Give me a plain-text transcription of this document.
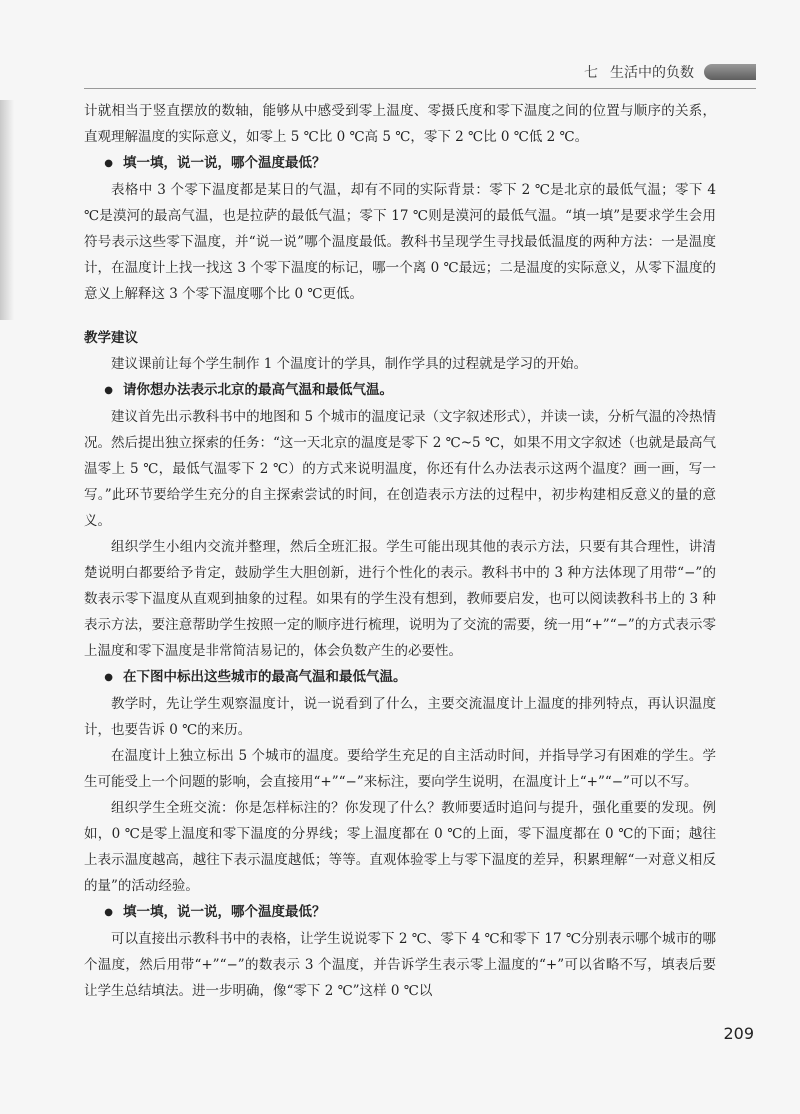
七 生活中的负数

计就相当于竖直摆放的数轴，能够从中感受到零上温度、零摄氏度和零下温度之间的位置与顺序的关系，直观理解温度的实际意义，如零上 5 ℃比 0 ℃高 5 ℃，零下 2 ℃比 0 ℃低 2 ℃。

● 填一填，说一说，哪个温度最低？

表格中 3 个零下温度都是某日的气温，却有不同的实际背景：零下 2 ℃是北京的最低气温；零下 4 ℃是漠河的最高气温，也是拉萨的最低气温；零下 17 ℃则是漠河的最低气温。“填一填”是要求学生会用符号表示这些零下温度，并“说一说”哪个温度最低。教科书呈现学生寻找最低温度的两种方法：一是温度计，在温度计上找一找这 3 个零下温度的标记，哪一个离 0 ℃最远；二是温度的实际意义，从零下温度的意义上解释这 3 个零下温度哪个比 0 ℃更低。

教学建议

建议课前让每个学生制作 1 个温度计的学具，制作学具的过程就是学习的开始。

● 请你想办法表示北京的最高气温和最低气温。

建议首先出示教科书中的地图和 5 个城市的温度记录（文字叙述形式），并读一读，分析气温的冷热情况。然后提出独立探索的任务：“这一天北京的温度是零下 2 ℃~5 ℃，如果不用文字叙述（也就是最高气温零上 5 ℃，最低气温零下 2 ℃）的方式来说明温度，你还有什么办法表示这两个温度？画一画，写一写。”此环节要给学生充分的自主探索尝试的时间，在创造表示方法的过程中，初步构建相反意义的量的意义。

组织学生小组内交流并整理，然后全班汇报。学生可能出现其他的表示方法，只要有其合理性，讲清楚说明白都要给予肯定，鼓励学生大胆创新，进行个性化的表示。教科书中的 3 种方法体现了用带“−”的数表示零下温度从直观到抽象的过程。如果有的学生没有想到，教师要启发，也可以阅读教科书上的 3 种表示方法，要注意帮助学生按照一定的顺序进行梳理，说明为了交流的需要，统一用“+”“−”的方式表示零上温度和零下温度是非常简洁易记的，体会负数产生的必要性。

● 在下图中标出这些城市的最高气温和最低气温。

教学时，先让学生观察温度计，说一说看到了什么，主要交流温度计上温度的排列特点，再认识温度计，也要告诉 0 ℃的来历。

在温度计上独立标出 5 个城市的温度。要给学生充足的自主活动时间，并指导学习有困难的学生。学生可能受上一个问题的影响，会直接用“+”“−”来标注，要向学生说明，在温度计上“+”“−”可以不写。

组织学生全班交流：你是怎样标注的？你发现了什么？教师要适时追问与提升，强化重要的发现。例如，0 ℃是零上温度和零下温度的分界线；零上温度都在 0 ℃的上面，零下温度都在 0 ℃的下面；越往上表示温度越高，越往下表示温度越低；等等。直观体验零上与零下温度的差异，积累理解“一对意义相反的量”的活动经验。

● 填一填，说一说，哪个温度最低？

可以直接出示教科书中的表格，让学生说说零下 2 ℃、零下 4 ℃和零下 17 ℃分别表示哪个城市的哪个温度，然后用带“+”“−”的数表示 3 个温度，并告诉学生表示零上温度的“+”可以省略不写，填表后要让学生总结填法。进一步明确，像“零下 2 ℃”这样 0 ℃以

209
